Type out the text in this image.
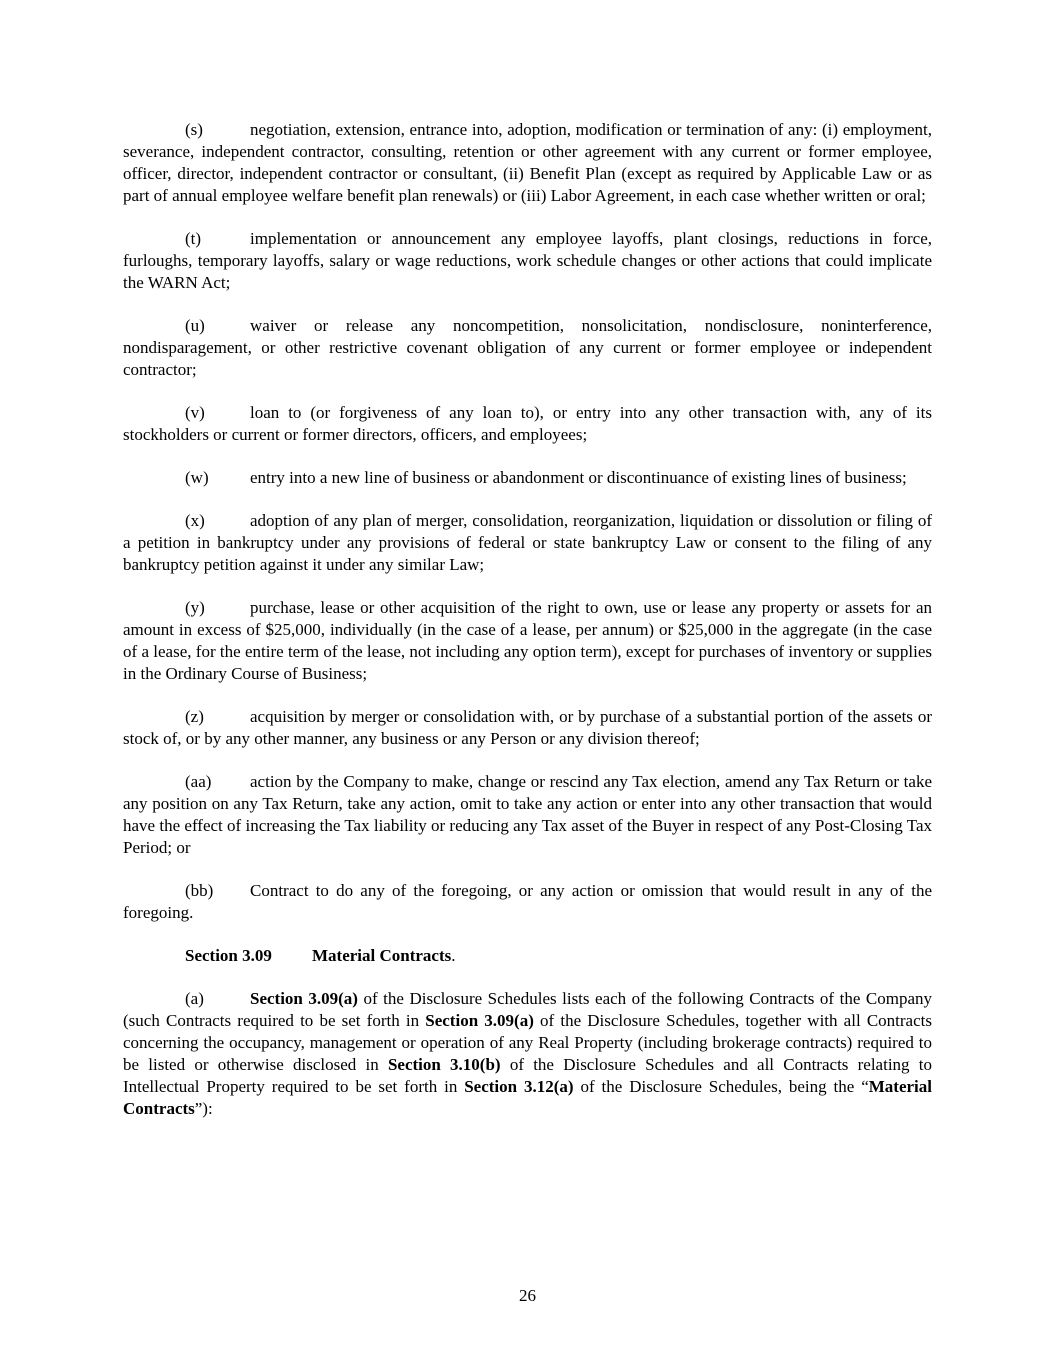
(s)	negotiation, extension, entrance into, adoption, modification or termination of any: (i) employment, severance, independent contractor, consulting, retention or other agreement with any current or former employee, officer, director, independent contractor or consultant, (ii) Benefit Plan (except as required by Applicable Law or as part of annual employee welfare benefit plan renewals) or (iii) Labor Agreement, in each case whether written or oral;

(t)	implementation or announcement any employee layoffs, plant closings, reductions in force, furloughs, temporary layoffs, salary or wage reductions, work schedule changes or other actions that could implicate the WARN Act;

(u)	waiver or release any noncompetition, nonsolicitation, nondisclosure, noninterference, nondisparagement, or other restrictive covenant obligation of any current or former employee or independent contractor;

(v)	loan to (or forgiveness of any loan to), or entry into any other transaction with, any of its stockholders or current or former directors, officers, and employees;

(w) entry into a new line of business or abandonment or discontinuance of existing lines of business;

(x)	adoption of any plan of merger, consolidation, reorganization, liquidation or dissolution or filing of a petition in bankruptcy under any provisions of federal or state bankruptcy Law or consent to the filing of any bankruptcy petition against it under any similar Law;

(y)	purchase, lease or other acquisition of the right to own, use or lease any property or assets for an amount in excess of $25,000, individually (in the case of a lease, per annum) or $25,000 in the aggregate (in the case of a lease, for the entire term of the lease, not including any option term), except for purchases of inventory or supplies in the Ordinary Course of Business;

(z)	acquisition by merger or consolidation with, or by purchase of a substantial portion of the assets or stock of, or by any other manner, any business or any Person or any division thereof;

(aa) action by the Company to make, change or rescind any Tax election, amend any Tax Return or take any position on any Tax Return, take any action, omit to take any action or enter into any other transaction that would have the effect of increasing the Tax liability or reducing any Tax asset of the Buyer in respect of any Post-Closing Tax Period; or

(bb) Contract to do any of the foregoing, or any action or omission that would result in any of the foregoing.

Section 3.09 Material Contracts.

(a)	Section 3.09(a) of the Disclosure Schedules lists each of the following Contracts of the Company (such Contracts required to be set forth in Section 3.09(a) of the Disclosure Schedules, together with all Contracts concerning the occupancy, management or operation of any Real Property (including brokerage contracts) required to be listed or otherwise disclosed in Section 3.10(b) of the Disclosure Schedules and all Contracts relating to Intellectual Property required to be set forth in Section 3.12(a) of the Disclosure Schedules, being the “Material Contracts”):

26
